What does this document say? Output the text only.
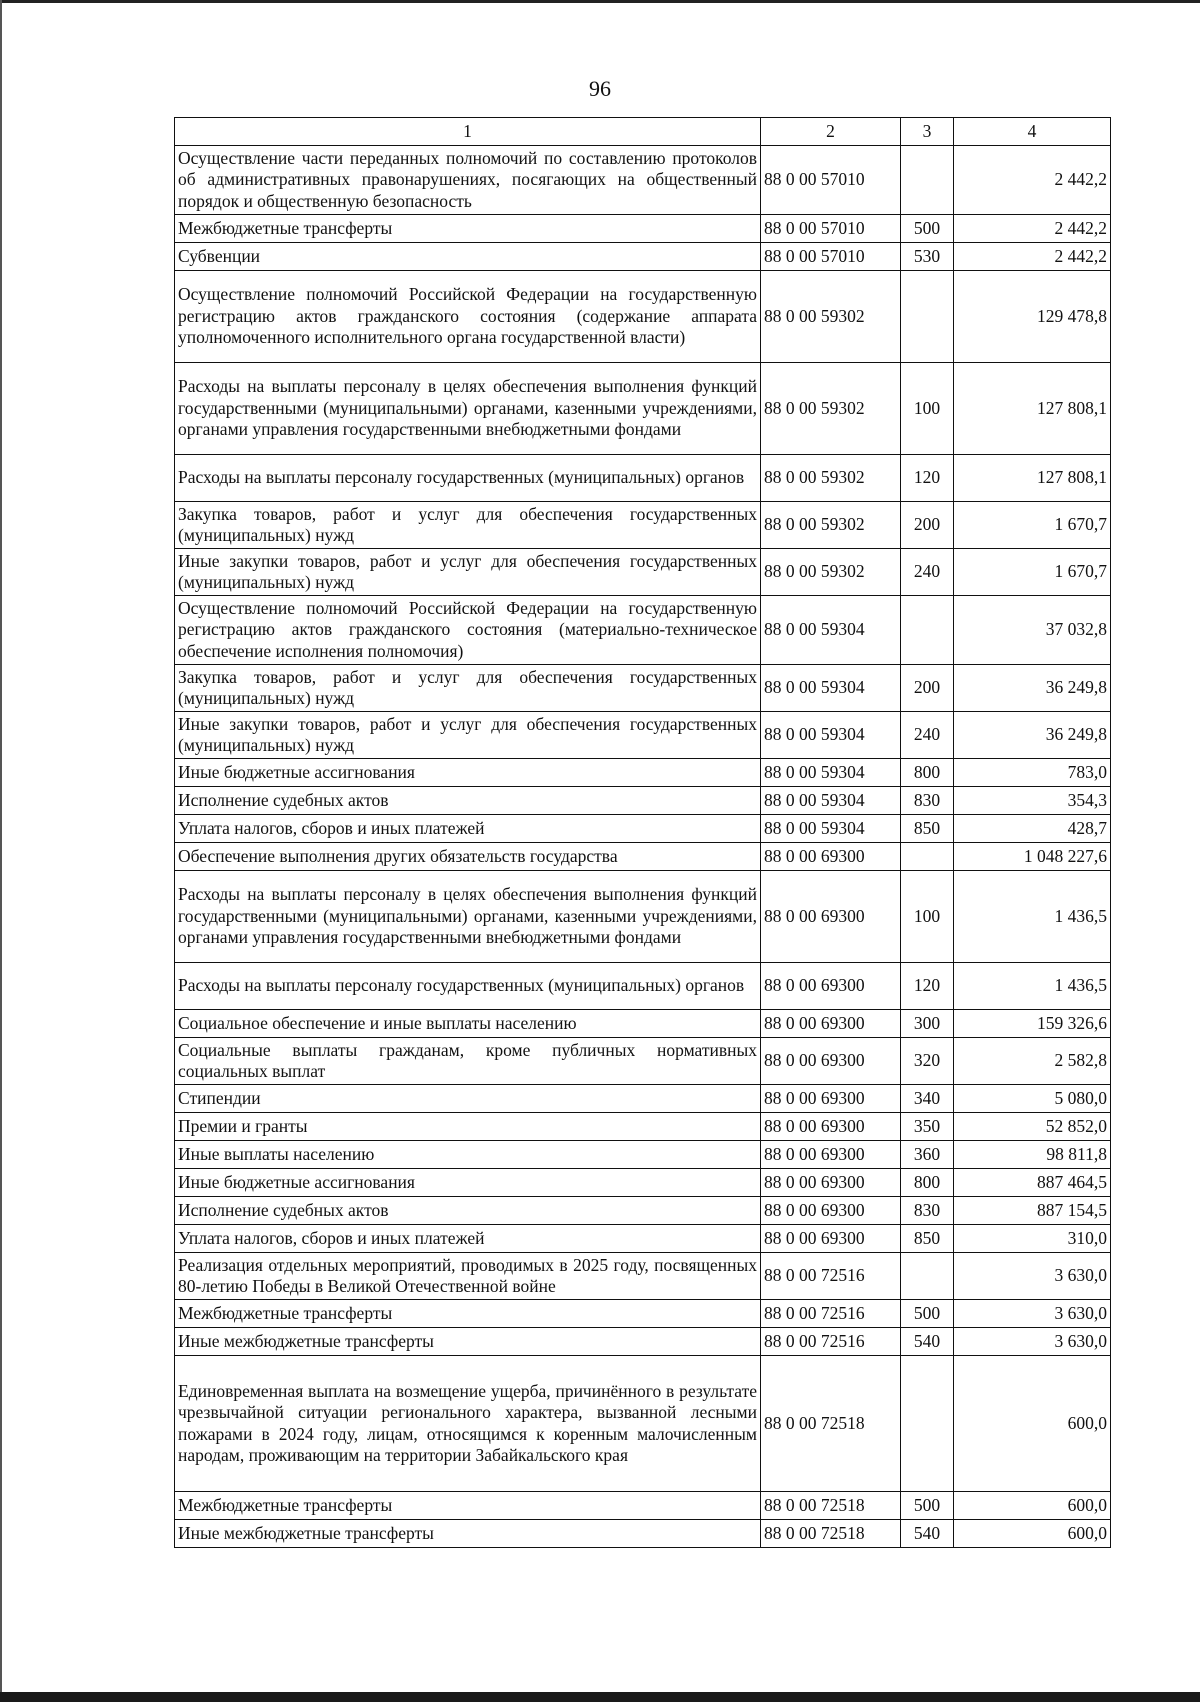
96
1	2	3	4
Осуществление части переданных полномочий по составлению протоколов об административных правонарушениях, посягающих на общественный порядок и общественную безопасность	88 0 00 57010		2 442,2
Межбюджетные трансферты	88 0 00 57010	500	2 442,2
Субвенции	88 0 00 57010	530	2 442,2
Осуществление полномочий Российской Федерации на государственную регистрацию актов гражданского состояния (содержание аппарата уполномоченного исполнительного органа государственной власти)	88 0 00 59302		129 478,8
Расходы на выплаты персоналу в целях обеспечения выполнения функций государственными (муниципальными) органами, казенными учреждениями, органами управления государственными внебюджетными фондами	88 0 00 59302	100	127 808,1
Расходы на выплаты персоналу государственных (муниципальных) органов	88 0 00 59302	120	127 808,1
Закупка товаров, работ и услуг для обеспечения государственных (муниципальных) нужд	88 0 00 59302	200	1 670,7
Иные закупки товаров, работ и услуг для обеспечения государственных (муниципальных) нужд	88 0 00 59302	240	1 670,7
Осуществление полномочий Российской Федерации на государственную регистрацию актов гражданского состояния (материально-техническое обеспечение исполнения полномочия)	88 0 00 59304		37 032,8
Закупка товаров, работ и услуг для обеспечения государственных (муниципальных) нужд	88 0 00 59304	200	36 249,8
Иные закупки товаров, работ и услуг для обеспечения государственных (муниципальных) нужд	88 0 00 59304	240	36 249,8
Иные бюджетные ассигнования	88 0 00 59304	800	783,0
Исполнение судебных актов	88 0 00 59304	830	354,3
Уплата налогов, сборов и иных платежей	88 0 00 59304	850	428,7
Обеспечение выполнения других обязательств государства	88 0 00 69300		1 048 227,6
Расходы на выплаты персоналу в целях обеспечения выполнения функций государственными (муниципальными) органами, казенными учреждениями, органами управления государственными внебюджетными фондами	88 0 00 69300	100	1 436,5
Расходы на выплаты персоналу государственных (муниципальных) органов	88 0 00 69300	120	1 436,5
Социальное обеспечение и иные выплаты населению	88 0 00 69300	300	159 326,6
Социальные выплаты гражданам, кроме публичных нормативных социальных выплат	88 0 00 69300	320	2 582,8
Стипендии	88 0 00 69300	340	5 080,0
Премии и гранты	88 0 00 69300	350	52 852,0
Иные выплаты населению	88 0 00 69300	360	98 811,8
Иные бюджетные ассигнования	88 0 00 69300	800	887 464,5
Исполнение судебных актов	88 0 00 69300	830	887 154,5
Уплата налогов, сборов и иных платежей	88 0 00 69300	850	310,0
Реализация отдельных мероприятий, проводимых в 2025 году, посвященных 80-летию Победы в Великой Отечественной войне	88 0 00 72516		3 630,0
Межбюджетные трансферты	88 0 00 72516	500	3 630,0
Иные межбюджетные трансферты	88 0 00 72516	540	3 630,0
Единовременная выплата на возмещение ущерба, причинённого в результате чрезвычайной ситуации регионального характера, вызванной лесными пожарами в 2024 году, лицам, относящимся к коренным малочисленным народам, проживающим на территории Забайкальского края	88 0 00 72518		600,0
Межбюджетные трансферты	88 0 00 72518	500	600,0
Иные межбюджетные трансферты	88 0 00 72518	540	600,0
